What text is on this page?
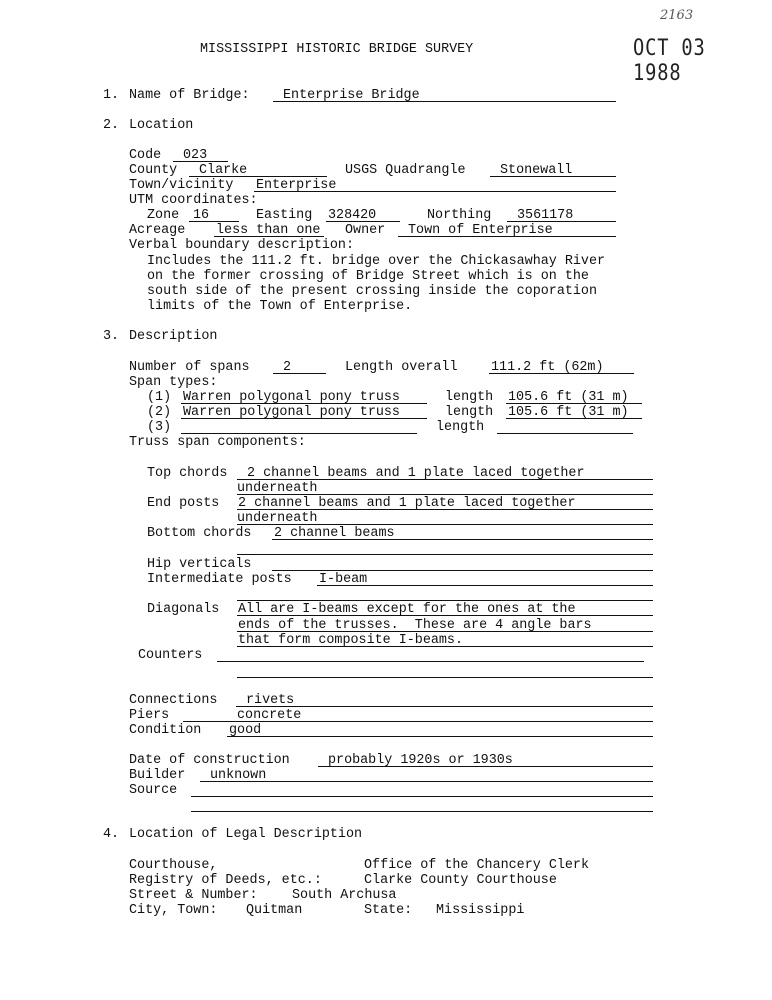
2163
OCT 03 1988
MISSISSIPPI HISTORIC BRIDGE SURVEY
1. Name of Bridge: Enterprise Bridge
2. Location
Code 023
County Clarke	USGS Quadrangle	Stonewall
Town/vicinity Enterprise
UTM coordinates:
Zone 16	Easting 328420	Northing 3561178
Acreage less than one Owner Town of Enterprise
Verbal boundary description:
Includes the 111.2 ft. bridge over the Chickasawhay River
on the former crossing of Bridge Street which is on the
south side of the present crossing inside the coporation
limits of the Town of Enterprise.
3. Description
Number of spans 2	Length overall	111.2 ft (62m)
Span types:
(1) Warren polygonal pony truss	length 105.6 ft (31 m)
(2) Warren polygonal pony truss	length 105.6 ft (31 m)
(3)	length
Truss span components:
Top chords 2 channel beams and 1 plate laced together
underneath
End posts 2 channel beams and 1 plate laced together
underneath
Bottom chords 2 channel beams
Hip verticals
Intermediate posts I-beam
Diagonals All are I-beams except for the ones at the
ends of the trusses.  These are 4 angle bars
that form composite I-beams.
Counters
Connections rivets
Piers	concrete
Condition good
Date of construction	probably 1920s or 1930s
Builder unknown
Source
4. Location of Legal Description
Courthouse,	Office of the Chancery Clerk
Registry of Deeds, etc.:	Clarke County Courthouse
Street & Number:	South Archusa
City, Town: Quitman	State: Mississippi
